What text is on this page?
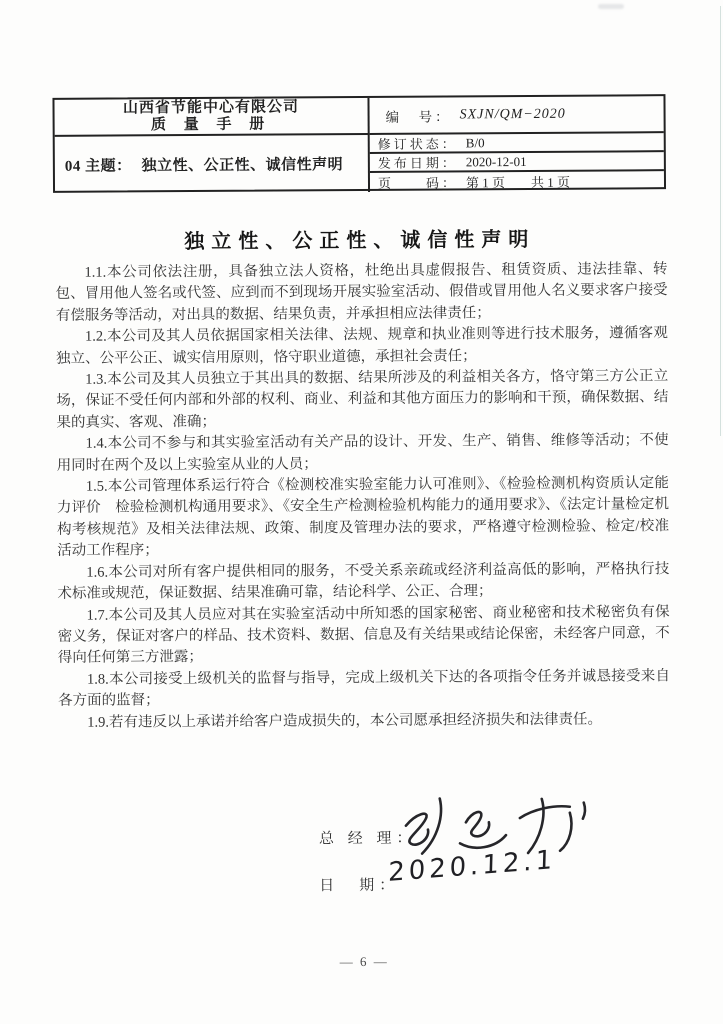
山西省节能中心有限公司
质 量 手 册
04 主题： 独立性、公正性、诚信性声明
编　号： SXJN/QM−2020
修订状态： B/0
发布日期： 2020-12-01
页　　码： 第 1 页　　共 1 页
独立性、公正性、诚信性声明

1.1.本公司依法注册，具备独立法人资格，杜绝出具虚假报告、租赁资质、违法挂靠、转包、冒用他人签名或代签、应到而不到现场开展实验室活动、假借或冒用他人名义要求客户接受有偿服务等活动，对出具的数据、结果负责，并承担相应法律责任；

1.2.本公司及其人员依据国家相关法律、法规、规章和执业准则等进行技术服务，遵循客观独立、公平公正、诚实信用原则，恪守职业道德，承担社会责任；

1.3.本公司及其人员独立于其出具的数据、结果所涉及的利益相关各方，恪守第三方公正立场，保证不受任何内部和外部的权利、商业、利益和其他方面压力的影响和干预，确保数据、结果的真实、客观、准确；

1.4.本公司不参与和其实验室活动有关产品的设计、开发、生产、销售、维修等活动；不使用同时在两个及以上实验室从业的人员；

1.5.本公司管理体系运行符合《检测校准实验室能力认可准则》、《检验检测机构资质认定能力评价　检验检测机构通用要求》、《安全生产检测检验机构能力的通用要求》、《法定计量检定机构考核规范》及相关法律法规、政策、制度及管理办法的要求，严格遵守检测检验、检定/校准活动工作程序；

1.6.本公司对所有客户提供相同的服务，不受关系亲疏或经济利益高低的影响，严格执行技术标准或规范，保证数据、结果准确可靠，结论科学、公正、合理；

1.7.本公司及其人员应对其在实验室活动中所知悉的国家秘密、商业秘密和技术秘密负有保密义务，保证对客户的样品、技术资料、数据、信息及有关结果或结论保密，未经客户同意，不得向任何第三方泄露；

1.8.本公司接受上级机关的监督与指导，完成上级机关下达的各项指令任务并诚恳接受来自各方面的监督；

1.9.若有违反以上承诺并给客户造成损失的，本公司愿承担经济损失和法律责任。

总 经 理：
日　期：
2020.12.1
— 6 —
